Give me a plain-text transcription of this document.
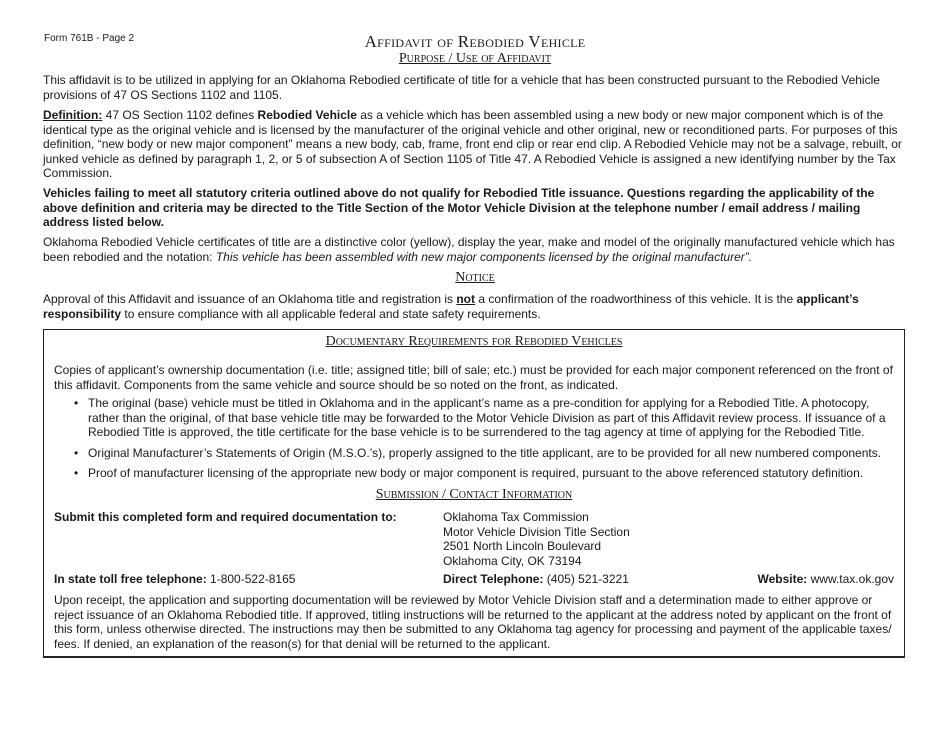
Form 761B - Page 2	Affidavit of Rebodied Vehicle
Purpose / Use of Affidavit

This affidavit is to be utilized in applying for an Oklahoma Rebodied certificate of title for a vehicle that has been constructed pursuant to the Rebodied Vehicle provisions of 47 OS Sections 1102 and 1105.

Definition: 47 OS Section 1102 defines Rebodied Vehicle as a vehicle which has been assembled using a new body or new major component which is of the identical type as the original vehicle and is licensed by the manufacturer of the original vehicle and other original, new or reconditioned parts. For purposes of this definition, “new body or new major component” means a new body, cab, frame, front end clip or rear end clip. A Rebodied Vehicle may not be a salvage, rebuilt, or junked vehicle as defined by paragraph 1, 2, or 5 of subsection A of Section 1105 of Title 47. A Rebodied Vehicle is assigned a new identifying number by the Tax Commission.

Vehicles failing to meet all statutory criteria outlined above do not qualify for Rebodied Title issuance. Questions regarding the applicability of the above definition and criteria may be directed to the Title Section of the Motor Vehicle Division at the telephone number / email address / mailing address listed below.

Oklahoma Rebodied Vehicle certificates of title are a distinctive color (yellow), display the year, make and model of the originally manufactured vehicle which has been rebodied and the notation: This vehicle has been assembled with new major components licensed by the original manufacturer”.

Notice

Approval of this Affidavit and issuance of an Oklahoma title and registration is not a confirmation of the roadworthiness of this vehicle. It is the applicant’s responsibility to ensure compliance with all applicable federal and state safety requirements.

Documentary Requirements for Rebodied Vehicles

Copies of applicant’s ownership documentation (i.e. title; assigned title; bill of sale; etc.) must be provided for each major component referenced on the front of this affidavit. Components from the same vehicle and source should be so noted on the front, as indicated.

• The original (base) vehicle must be titled in Oklahoma and in the applicant’s name as a pre-condition for applying for a Rebodied Title. A photocopy, rather than the original, of that base vehicle title may be forwarded to the Motor Vehicle Division as part of this Affidavit review process. If issuance of a Rebodied Title is approved, the title certificate for the base vehicle is to be surrendered to the tag agency at time of applying for the Rebodied Title.
• Original Manufacturer’s Statements of Origin (M.S.O.’s), properly assigned to the title applicant, are to be provided for all new numbered components.
• Proof of manufacturer licensing of the appropriate new body or major component is required, pursuant to the above referenced statutory definition.
Submission / Contact Information
Submit this completed form and required documentation to:	Oklahoma Tax Commission
Motor Vehicle Division Title Section
2501 North Lincoln Boulevard
Oklahoma City, OK 73194
In state toll free telephone: 1-800-522-8165	Direct Telephone: (405) 521-3221	Website: www.tax.ok.gov

Upon receipt, the application and supporting documentation will be reviewed by Motor Vehicle Division staff and a determination made to either approve or reject issuance of an Oklahoma Rebodied title. If approved, titling instructions will be returned to the applicant at the address noted by applicant on the front of this form, unless otherwise directed. The instructions may then be submitted to any Oklahoma tag agency for processing and payment of the applicable taxes/ fees. If denied, an explanation of the reason(s) for that denial will be returned to the applicant.
